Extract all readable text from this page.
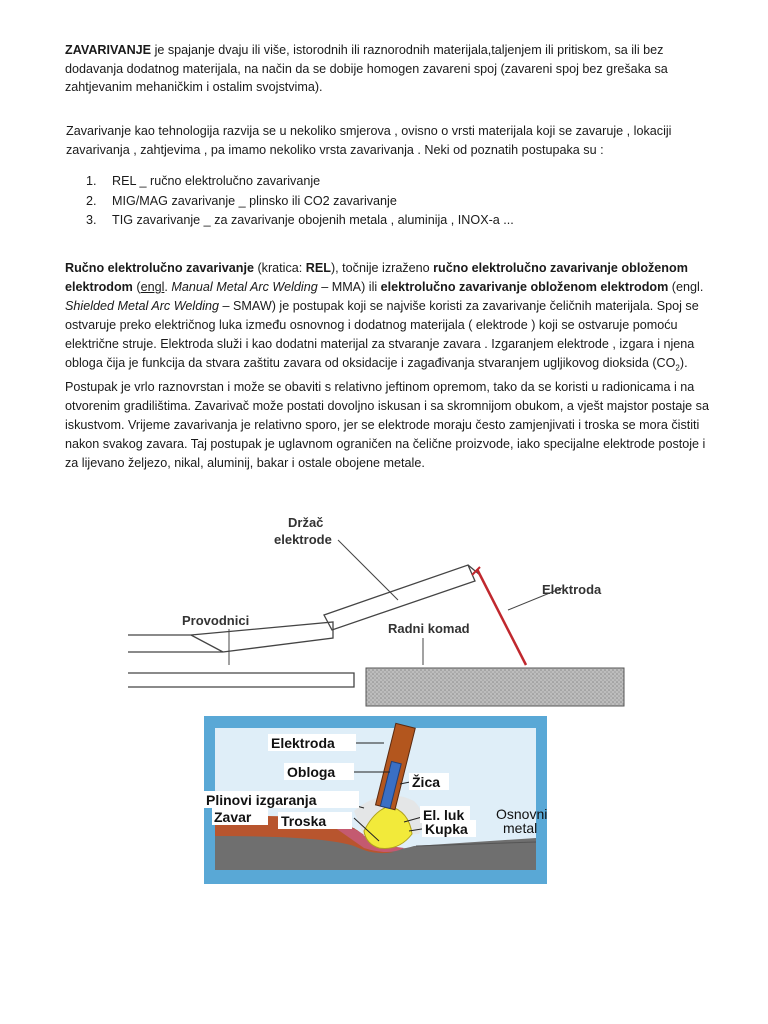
ZAVARIVANJE je spajanje dvaju ili više, istorodnih ili raznorodnih materijala,taljenjem ili pritiskom, sa ili bez dodavanja dodatnog materijala, na način da se dobije homogen zavareni spoj (zavareni spoj bez grešaka sa zahtjevanim mehaničkim i ostalim svojstvima).

Zavarivanje kao tehnologija razvija se u nekoliko smjerova , ovisno o vrsti materijala koji se zavaruje , lokaciji zavarivanja , zahtjevima , pa imamo nekoliko vrsta zavarivanja . Neki od poznatih postupaka su :

1.	REL _ ručno elektrolučno zavarivanje
2.	MIG/MAG zavarivanje _ plinsko ili CO2 zavarivanje
3.	TIG zavarivanje _ za zavarivanje obojenih metala , aluminija , INOX-a ...

Ručno elektrolučno zavarivanje (kratica: REL), točnije izraženo ručno elektrolučno zavarivanje obloženom elektrodom (engl. Manual Metal Arc Welding – MMA) ili elektrolučno zavarivanje obloženom elektrodom (engl. Shielded Metal Arc Welding – SMAW) je postupak koji se najviše koristi za zavarivanje čeličnih materijala. Spoj se ostvaruje preko električnog luka između osnovnog i dodatnog materijala ( elektrode ) koji se ostvaruje pomoću električne struje. Elektroda služi i kao dodatni materijal za stvaranje zavara . Izgaranjem elektrode , izgara i njena obloga čija je funkcija da stvara zaštitu zavara od oksidacije i zagađivanja stvaranjem ugljikovog dioksida $(CO_2)$. Postupak je vrlo raznovrstan i može se obaviti s relativno jeftinom opremom, tako da se koristi u radionicama i na otvorenim gradilištima. Zavarivač može postati dovoljno iskusan i sa skromnijom obukom, a vješt majstor postaje sa iskustvom. Vrijeme zavarivanja je relativno sporo, jer se elektrode moraju često zamjenjivati i troska se mora čistiti nakon svakog zavara. Taj postupak je uglavnom ograničen na čelične proizvode, iako specijalne elektrode postoje i za lijevano željezo, nikal, aluminij, bakar i ostale obojene metale.

Držač
elektrode
Elektroda
Provodnici
Radni komad
Elektroda
Obloga
Žica
Plinovi izgaranja
Zavar Troska	El. luk
Kupka
Osnovni
metal
